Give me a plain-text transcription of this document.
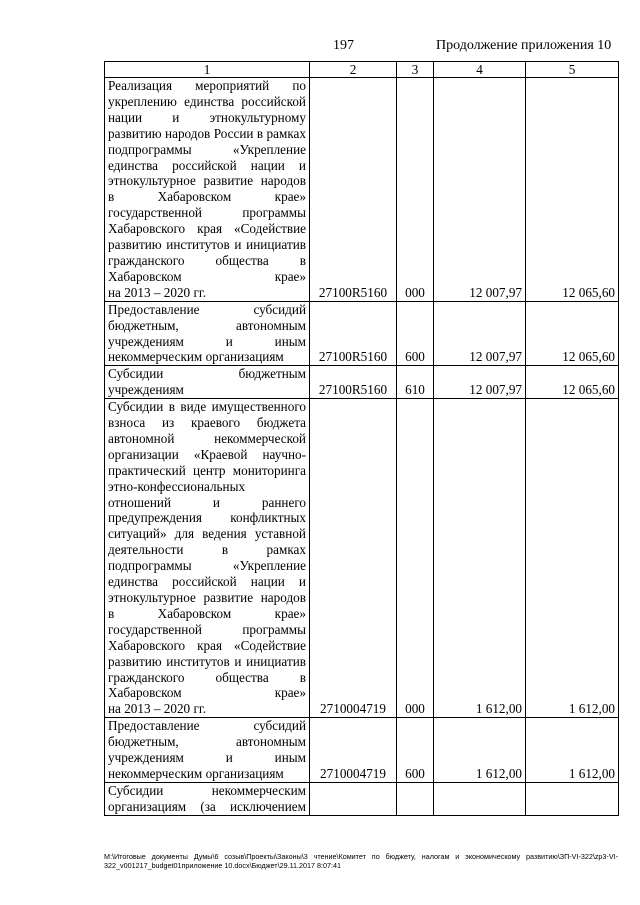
197	Продолжение приложения 10
1	2	3	4	5

Реализация мероприятий по укреплению единства российской нации и этнокультурному развитию народов России в рамках подпрограммы «Укрепление единства российской нации и этнокультурное развитие народов в Хабаровском крае» государственной программы Хабаровского края «Содействие развитию институтов и инициатив гражданского общества в Хабаровском крае»
на 2013 – 2020 гг.	27100R5160	000	12 007,97	12 065,60

Предоставление субсидий бюджетным, автономным учреждениям и иным
некоммерческим организациям	27100R5160	600	12 007,97	12 065,60

Субсидии бюджетным
учреждениям	27100R5160	610	12 007,97	12 065,60

Субсидии в виде имущественного взноса из краевого бюджета автономной некоммерческой организации «Краевой научно-практический центр мониторинга этно-конфессиональных отношений и раннего предупреждения конфликтных ситуаций» для ведения уставной деятельности в рамках подпрограммы «Укрепление единства российской нации и этнокультурное развитие народов в Хабаровском крае» государственной программы Хабаровского края «Содействие развитию институтов и инициатив гражданского общества в Хабаровском крае»
на 2013 – 2020 гг.	2710004719	000	1 612,00	1 612,00

Предоставление субсидий бюджетным, автономным учреждениям и иным
некоммерческим организациям	2710004719	600	1 612,00	1 612,00

Субсидии некоммерческим организациям (за исключением				

M:\Итоговые документы Думы\6 созыв\Проекты\Законы\3 чтение\Комитет по бюджету, налогам и экономическому развитию\ЗП-VI-322\zp3-VI-322_v001217_budget01приложение 10.docx\Бюджет\29.11.2017 8:07:41
